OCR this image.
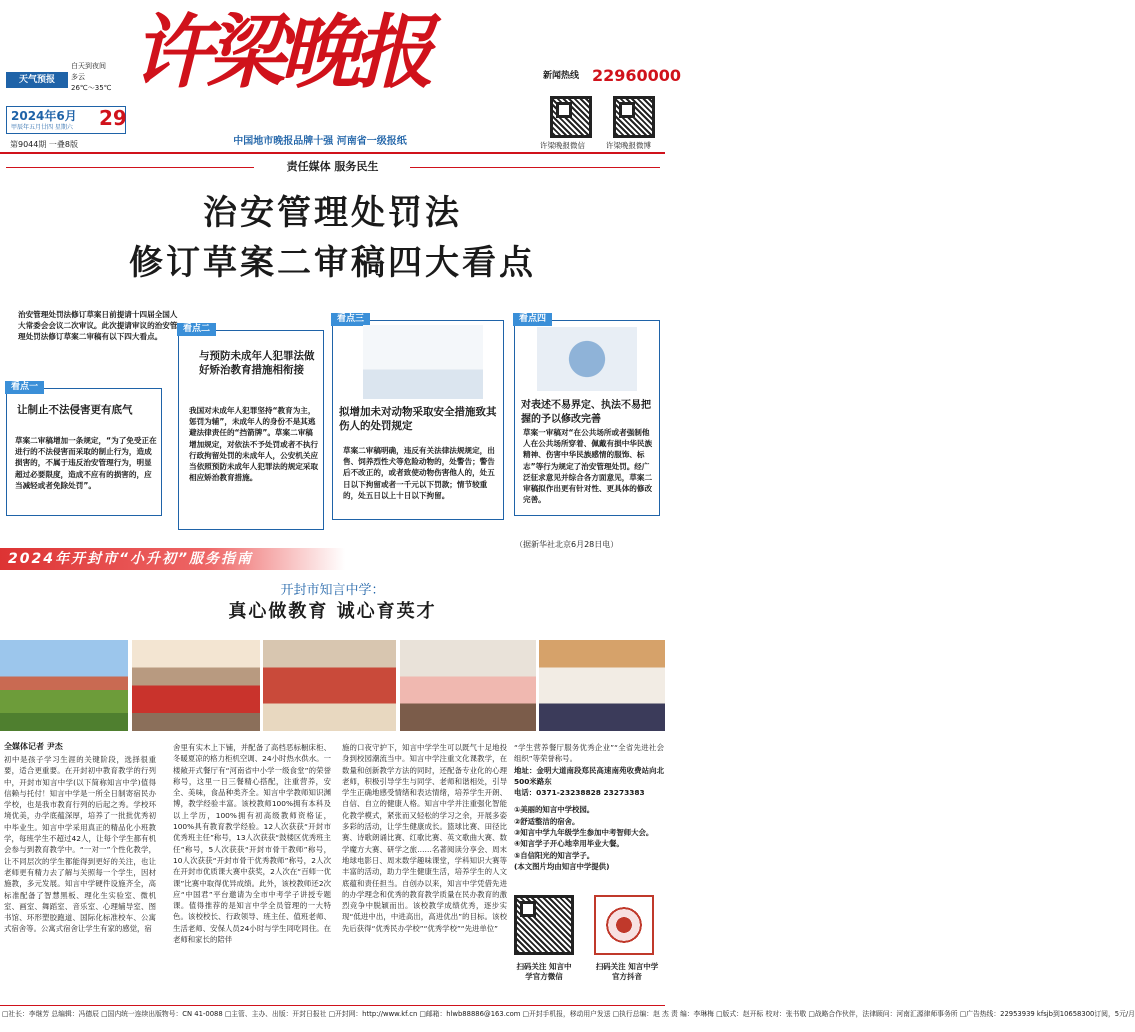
许梁晚报
天气预报
白天到夜间
多云
26℃～35℃
2024年6月 29
甲辰年五月廿四 星期六
第9044期 一叠8版	中国地市晚报品牌十强 河南省一级报纸
新闻热线 22960000
许梁晚报微信	许梁晚报微博
责任媒体 服务民生
治安管理处罚法
修订草案二审稿四大看点
治安管理处罚法修订草案日前提请十四届全国人大常委会会议二次审议。此次提请审议的治安管理处罚法修订草案二审稿有以下四大看点。
看点一
让制止不法侵害更有底气
草案二审稿增加一条规定，“为了免受正在进行的不法侵害而采取的制止行为，造成损害的，不属于违反治安管理行为，明显超过必要限度，造成不应有的损害的，应当减轻或者免除处罚”。
看点二
与预防未成年人犯罪法做好矫治教育措施相衔接
我国对未成年人犯罪坚持“教育为主，惩罚为辅”，未成年人的身份不是其逃避法律责任的“挡箭牌”。草案二审稿增加规定，对依法不予处罚或者不执行行政拘留处罚的未成年人，公安机关应当依照预防未成年人犯罪法的规定采取相应矫治教育措施。
看点三
拟增加未对动物采取安全措施致其伤人的处罚规定
草案二审稿明确，违反有关法律法规规定，出售、饲养烈性犬等危险动物的，处警告；警告后不改正的，或者致使动物伤害他人的，处五日以下拘留或者一千元以下罚款；情节较重的，处五日以上十日以下拘留。
看点四
对表述不易界定、执法不易把握的予以修改完善
草案一审稿对“在公共场所或者强制他人在公共场所穿着、佩戴有损中华民族精神、伤害中华民族感情的服饰、标志”等行为规定了治安管理处罚。经广泛征求意见并综合各方面意见，草案二审稿拟作出更有针对性、更具体的修改完善。
（据新华社北京6月28日电）
2024年开封市“小升初”服务指南
开封市知言中学：
真心做教育 诚心育英才
全媒体记者 尹杰
初中是孩子学习生涯的关键阶段，选择很重要，适合更重要。在开封初中教育教学的行列中，开封市知言中学(以下简称知言中学)值得信赖与托付！知言中学是一所全日制寄宿民办学校，也是我市教育行列的后起之秀。学校环境优美，办学底蕴深厚，培养了一批批优秀初中毕业生。知言中学采用真正的精品化小班教学，每班学生不超过42人，让每个学生都有机会参与到教育教学中。“一对一”个性化教学，让不同层次的学生都能得到更好的关注，也让老师更有精力去了解与关照每一个学生，因材施教，多元发展。知言中学硬件设施齐全，高标准配备了智慧黑板、理化生实验室、微机室、画室、舞蹈室、音乐室、心理辅导室、图书馆、环形塑胶跑道、国际化标准校车、公寓式宿舍等。公寓式宿舍让学生有家的感觉，宿
舍里有实木上下铺，并配备了高档恶标橱床柜、冬暖夏凉的格力柜机空调、24小时热水供水。一楼敞开式餐厅有“河南省中小学一级食堂”的荣誉称号，这里一日三餐精心搭配，注重营养，安全、美味，食品种类齐全。知言中学教师知识渊博，教学经验丰富。该校教师100%拥有本科及以上学历，100%拥有初高级教师资格证，100%具有教育教学经验。12人次获获“开封市优秀班主任”称号，13人次获获“鼓楼区优秀班主任”称号，5人次获获“开封市骨干教师”称号，10人次获获“开封市骨干优秀教师”称号，2人次在开封市优质课大赛中获奖，2人次在“百师一优课”比赛中取得优异成绩。此外，该校教师还2次应“中国君”平台邀请为全市中考学子讲授专题课。值得推荐的是知言中学全员管理的一大特色。该校校长、行政领导、班主任、值班老师、生活老师、安保人员24小时与学生同吃同住。在老师和家长的陪伴
施的口夜守护下，知言中学学生可以既气十足地投身到校园潮流当中。知言中学注重文化课教学，在数量和创新教学方法的同时，还配备专业化的心理老师，积极引导学生与同学、老师和谐相处，引导学生正确地感受情绪和表达情绪，培养学生开朗、自信、自立的健康人格。知言中学并注重强化智能化教学模式，紧张而又轻松的学习之余，开展多姿多彩的活动，让学生健康成长。篮球比赛、田径比赛、诗歌朗诵比赛、红歌比赛、英文歌曲大赛、数学魔方大赛、研学之旅……名著阅读分享会、周末地球电影日、周末数学趣味课堂，学科知识大赛等丰富的活动，助力学生健康生活，培养学生的人文底蕴和责任担当。自创办以来，知言中学凭借先进的办学理念和优秀的教育教学质量在民办教育的激烈竞争中脱颖而出。该校教学成绩优秀，逐步实现“低进中出，中进高出，高进优出”的目标。该校先后获得“优秀民办学校”“优秀学校”“先进单位”
“学生营养餐厅服务优秀企业”“全省先进社会组织”等荣誉称号。
地址：金明大道南段郑民高速南苑收费站向北500米路东
电话：0371-23238828 23273383
①美丽的知言中学校园。
②舒适整洁的宿舍。
③知言中学九年级学生参加中考智师大会。
④知言学子开心地幸用毕业大餐。
⑤自信阳光的知言学子。
(本文图片均由知言中学提供)
扫码关注 知言中学官方微信
扫码关注 知言中学官方抖音
□社长：李继芳 总编辑：冯德辰 □国内统一连续出版物号：CN 41-0088 □主管、主办、出版：开封日报社 □开封网：http://www.kf.cn □邮箱：hlwb88886@163.com □开封手机报，移动用户发送 □执行总编：赵 杰 责 编：李琳梅 □版式：赵开标 校对：张书敬 □战略合作伙伴，法律顾问：河南汇源律师事务所 □广告热线：22953939 kfsjb到10658300订阅，5元/月
